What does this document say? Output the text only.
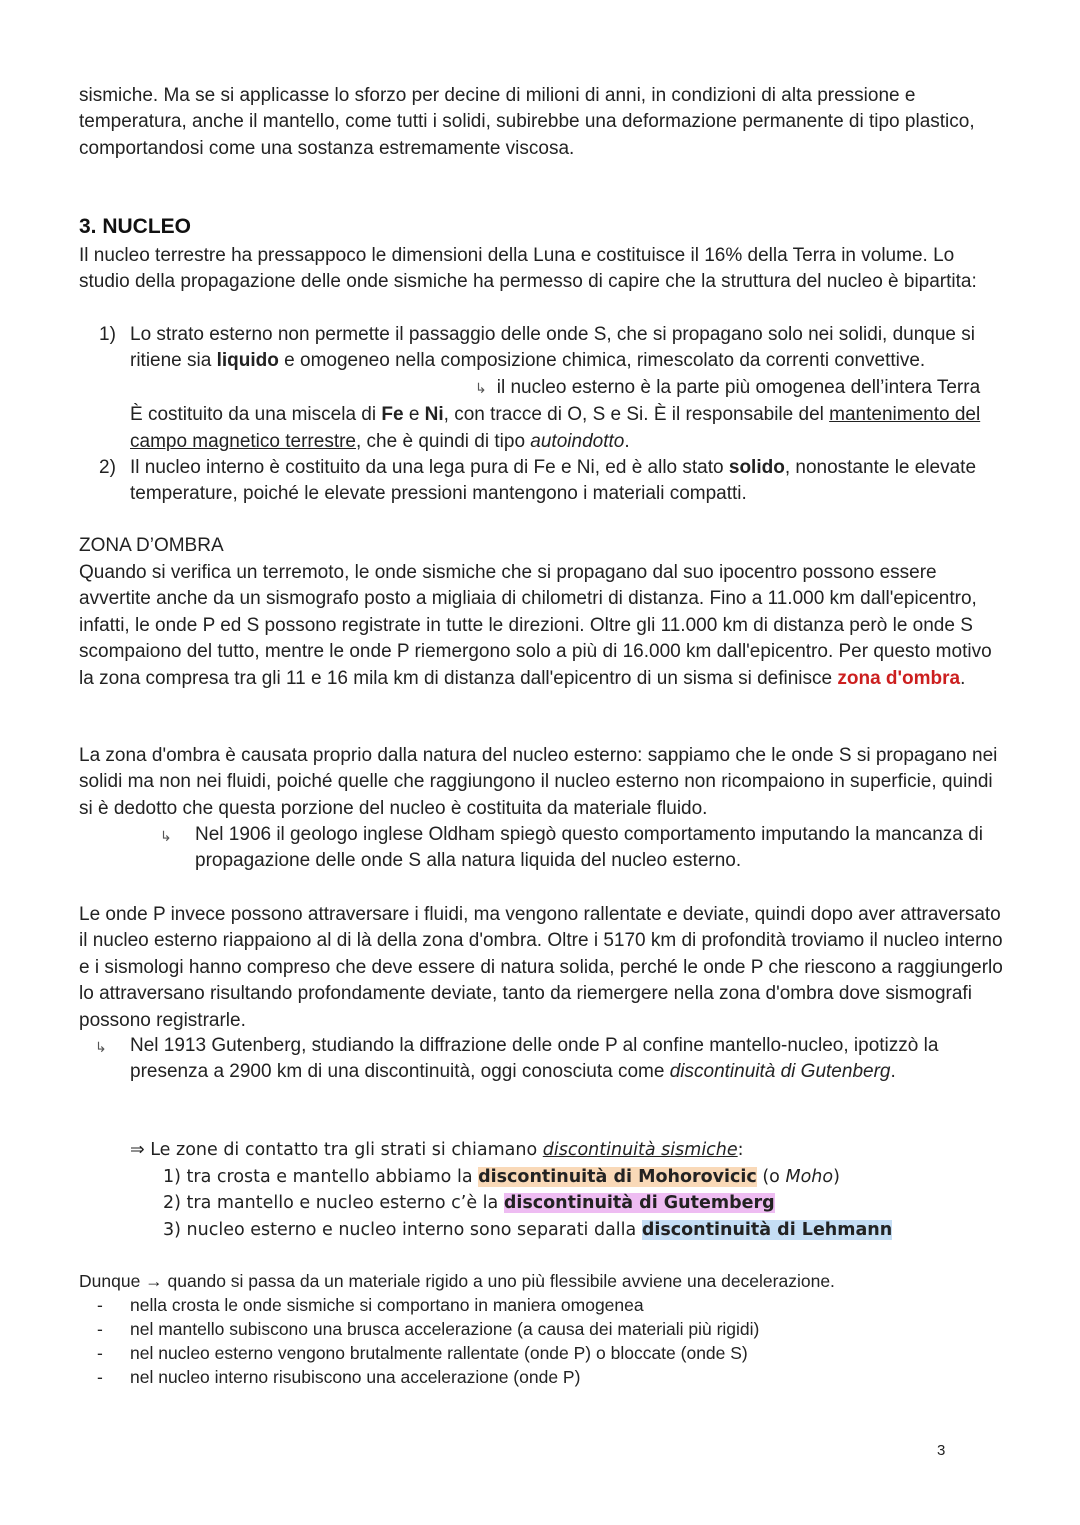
sismiche. Ma se si applicasse lo sforzo per decine di milioni di anni, in condizioni di alta pressione e temperatura, anche il mantello, come tutti i solidi, subirebbe una deformazione permanente di tipo plastico, comportandosi come una sostanza estremamente viscosa.

3. NUCLEO

Il nucleo terrestre ha pressappoco le dimensioni della Luna e costituisce il 16% della Terra in volume. Lo studio della propagazione delle onde sismiche ha permesso di capire che la struttura del nucleo è bipartita:

1) Lo strato esterno non permette il passaggio delle onde S, che si propagano solo nei solidi, dunque si ritiene sia liquido e omogeneo nella composizione chimica, rimescolato da correnti convettive.
↳ il nucleo esterno è la parte più omogenea dell’intera Terra
È costituito da una miscela di Fe e Ni, con tracce di O, S e Si. È il responsabile del mantenimento del campo magnetico terrestre, che è quindi di tipo autoindotto.
2) Il nucleo interno è costituito da una lega pura di Fe e Ni, ed è allo stato solido, nonostante le elevate temperature, poiché le elevate pressioni mantengono i materiali compatti.
ZONA D’OMBRA

Quando si verifica un terremoto, le onde sismiche che si propagano dal suo ipocentro possono essere avvertite anche da un sismografo posto a migliaia di chilometri di distanza. Fino a 11.000 km dall'epicentro, infatti, le onde P ed S possono registrate in tutte le direzioni. Oltre gli 11.000 km di distanza però le onde S scompaiono del tutto, mentre le onde P riemergono solo a più di 16.000 km dall'epicentro. Per questo motivo la zona compresa tra gli 11 e 16 mila km di distanza dall'epicentro di un sisma si definisce zona d'ombra.

La zona d'ombra è causata proprio dalla natura del nucleo esterno: sappiamo che le onde S si propagano nei solidi ma non nei fluidi, poiché quelle che raggiungono il nucleo esterno non ricompaiono in superficie, quindi si è dedotto che questa porzione del nucleo è costituita da materiale fluido.

↳ Nel 1906 il geologo inglese Oldham spiegò questo comportamento imputando la mancanza di propagazione delle onde S alla natura liquida del nucleo esterno.

Le onde P invece possono attraversare i fluidi, ma vengono rallentate e deviate, quindi dopo aver attraversato il nucleo esterno riappaiono al di là della zona d'ombra. Oltre i 5170 km di profondità troviamo il nucleo interno e i sismologi hanno compreso che deve essere di natura solida, perché le onde P che riescono a raggiungerlo lo attraversano risultando profondamente deviate, tanto da riemergere nella zona d'ombra dove sismografi possono registrarle.

↳ Nel 1913 Gutenberg, studiando la diffrazione delle onde P al confine mantello-nucleo, ipotizzò la presenza a 2900 km di una discontinuità, oggi conosciuta come discontinuità di Gutenberg.
⇒ Le zone di contatto tra gli strati si chiamano discontinuità sismiche:
1) tra crosta e mantello abbiamo la discontinuità di Mohorovicic (o Moho)
2) tra mantello e nucleo esterno c’è la discontinuità di Gutemberg
3) nucleo esterno e nucleo interno sono separati dalla discontinuità di Lehmann
Dunque → quando si passa da un materiale rigido a uno più flessibile avviene una decelerazione.
- nella crosta le onde sismiche si comportano in maniera omogenea
- nel mantello subiscono una brusca accelerazione (a causa dei materiali più rigidi)
- nel nucleo esterno vengono brutalmente rallentate (onde P) o bloccate (onde S)
- nel nucleo interno risubiscono una accelerazione (onde P)
3
